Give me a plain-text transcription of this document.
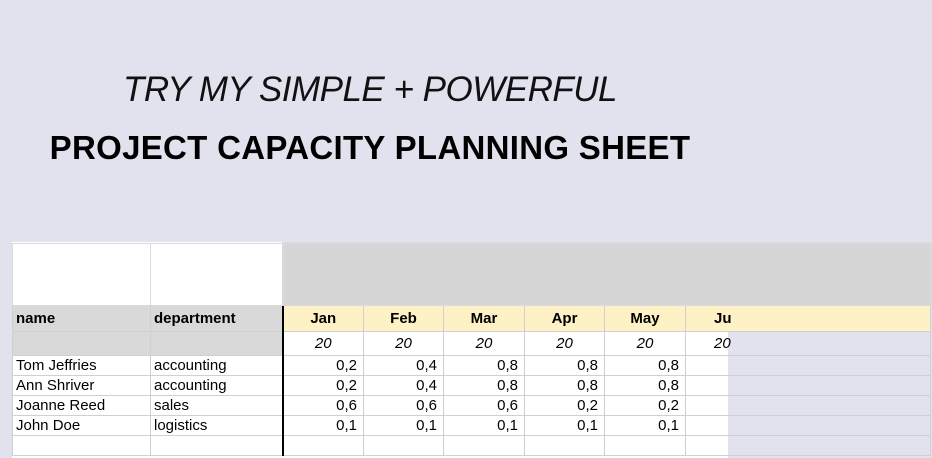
TRY MY SIMPLE + POWERFUL
PROJECT CAPACITY PLANNING SHEET

name	department	Jan	Feb	Mar	Apr	May	Ju
		20	20	20	20	20	20
Tom Jeffries	accounting	0,2	0,4	0,8	0,8	0,8	
Ann Shriver	accounting	0,2	0,4	0,8	0,8	0,8	
Joanne Reed	sales	0,6	0,6	0,6	0,2	0,2	
John Doe	logistics	0,1	0,1	0,1	0,1	0,1	
